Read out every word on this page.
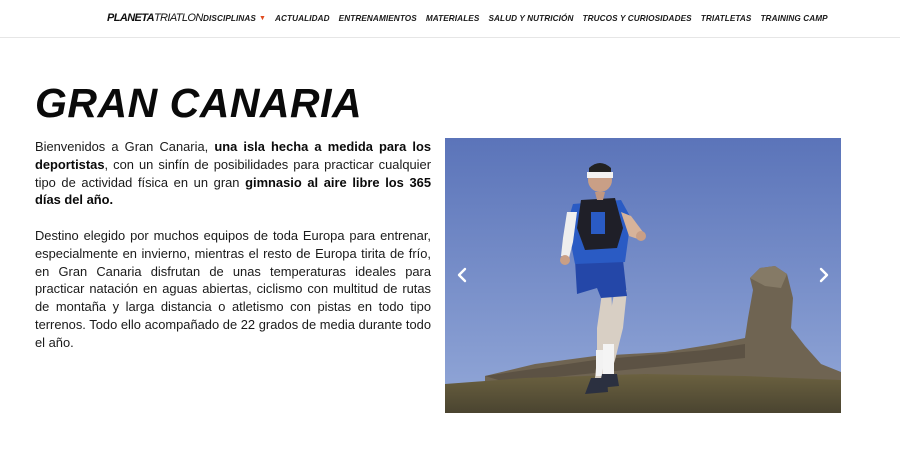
PLANETATRIATLON DISCIPLINAS ▼ ACTUALIDAD ENTRENAMIENTOS MATERIALES SALUD Y NUTRICIÓN TRUCOS Y CURIOSIDADES TRIATLETAS TRAINING CAMP
GRAN CANARIA

Bienvenidos a Gran Canaria, una isla hecha a medida para los deportistas, con un sinfín de posibilidades para practicar cualquier tipo de actividad física en un gran gimnasio al aire libre los 365 días del año.

Destino elegido por muchos equipos de toda Europa para entrenar, especialmente en invierno, mientras el resto de Europa tirita de frío, en Gran Canaria disfrutan de unas temperaturas ideales para practicar natación en aguas abiertas, ciclismo con multitud de rutas de montaña y larga distancia o atletismo con pistas en todo tipo terrenos. Todo ello acompañado de 22 grados de media durante todo el año.
